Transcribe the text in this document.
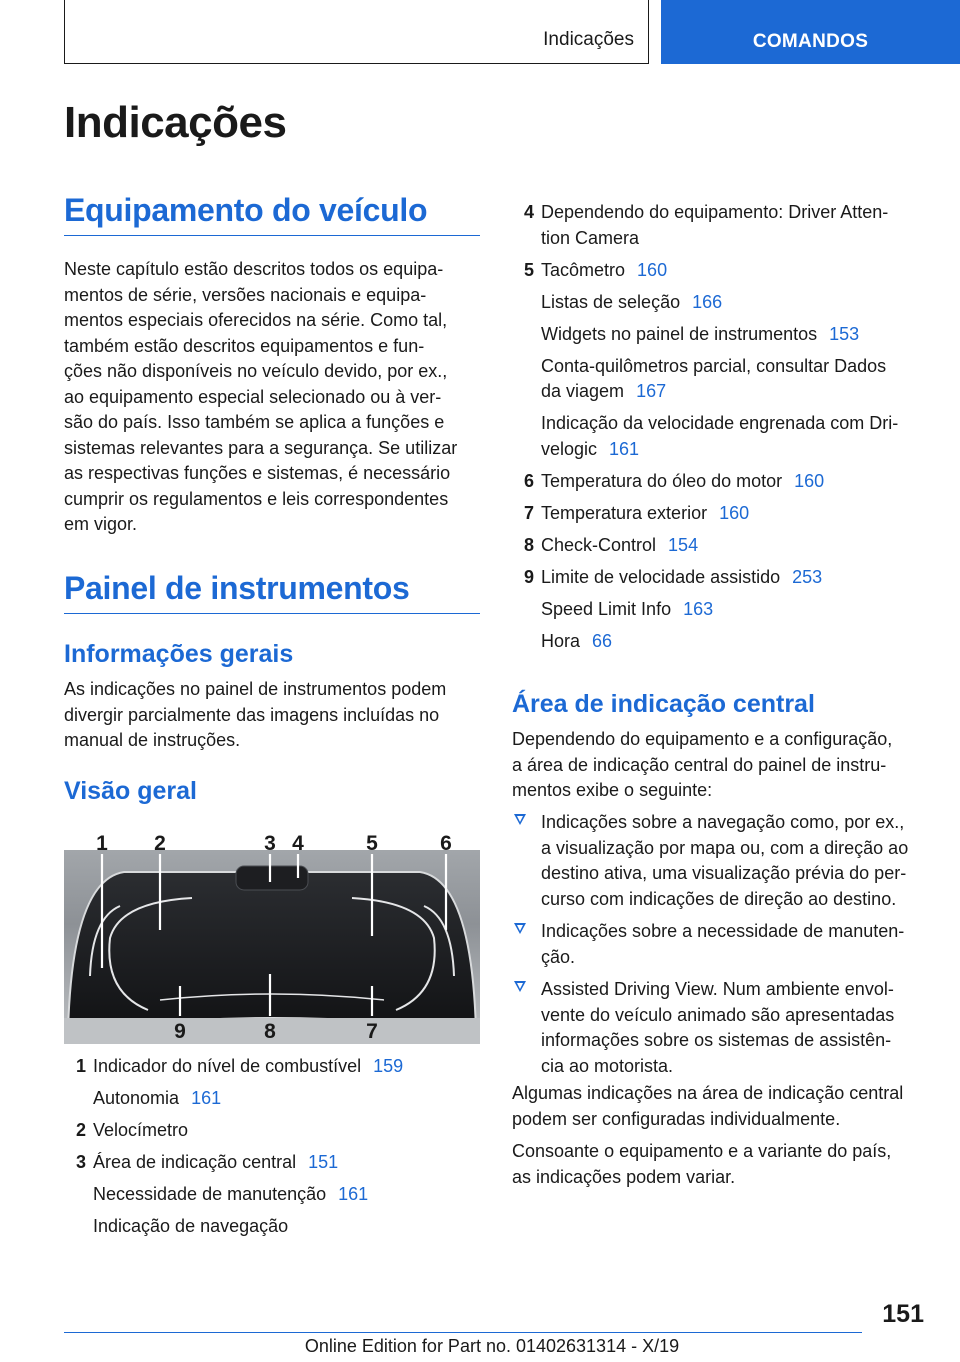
Indicações	COMANDOS
Indicações
Equipamento do veículo

Neste capítulo estão descritos todos os equipa-
mentos de série, versões nacionais e equipa-
mentos especiais oferecidos na série. Como tal,
também estão descritos equipamentos e fun-
ções não disponíveis no veículo devido, por ex.,
ao equipamento especial selecionado ou à ver-
são do país. Isso também se aplica a funções e
sistemas relevantes para a segurança. Se utilizar
as respectivas funções e sistemas, é necessário
cumprir os regulamentos e leis correspondentes
em vigor.

Painel de instrumentos
Informações gerais

As indicações no painel de instrumentos podem
divergir parcialmente das imagens incluídas no
manual de instruções.

Visão geral
1 2	3 4	5	6
9	8	7
1 Indicador do nível de combustível 159
Autonomia 161
2 Velocímetro
3 Área de indicação central 151
Necessidade de manutenção 161
Indicação de navegação
4 Dependendo do equipamento: Driver Atten-
tion Camera
5 Tacômetro 160
Listas de seleção 166
Widgets no painel de instrumentos 153
Conta-quilômetros parcial, consultar Dados
da viagem 167
Indicação da velocidade engrenada com Dri-
velogic 161
6 Temperatura do óleo do motor 160
7 Temperatura exterior 160
8 Check-Control 154
9 Limite de velocidade assistido 253
Speed Limit Info 163
Hora 66
Área de indicação central

Dependendo do equipamento e a configuração,
a área de indicação central do painel de instru-
mentos exibe o seguinte:

Indicações sobre a navegação como, por ex.,
a visualização por mapa ou, com a direção ao
destino ativa, uma visualização prévia do per-
curso com indicações de direção ao destino.
Indicações sobre a necessidade de manuten-
ção.
Assisted Driving View. Num ambiente envol-
vente do veículo animado são apresentadas
informações sobre os sistemas de assistên-
cia ao motorista.

Algumas indicações na área de indicação central
podem ser configuradas individualmente.

Consoante o equipamento e a variante do país,
as indicações podem variar.

151
Online Edition for Part no. 01402631314 - X/19
